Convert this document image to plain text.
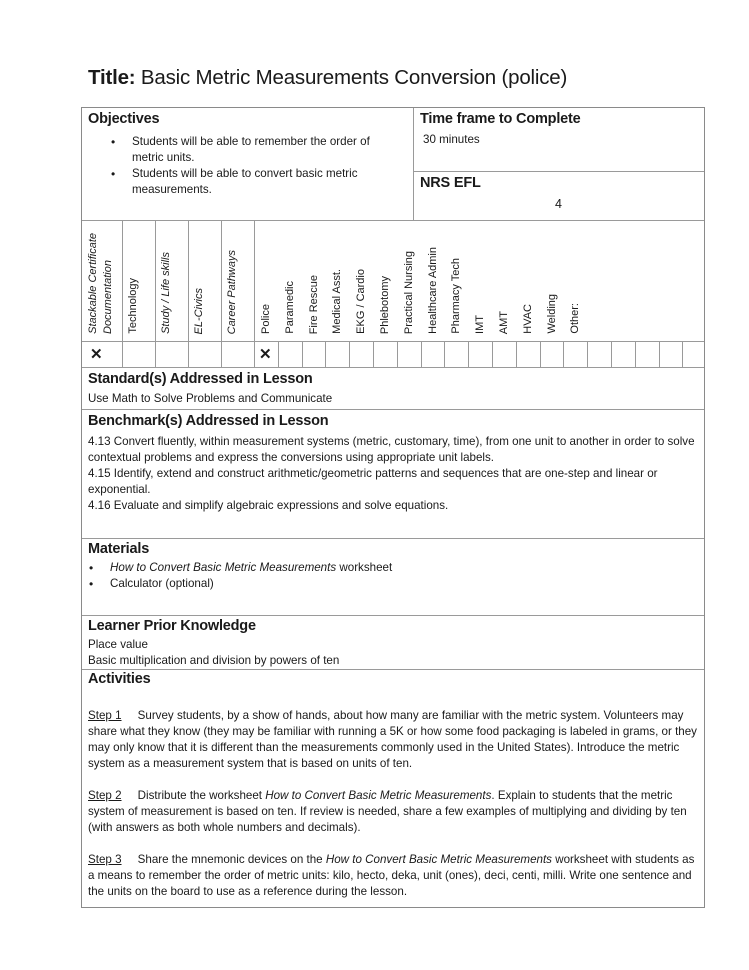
Title: Basic Metric Measurements Conversion (police)
Objectives
• Students will be able to remember the order of metric units.
• Students will be able to convert basic metric measurements.
Time frame to Complete
30 minutes
NRS EFL
4
Stackable Certificate Documentation Technology Study / Life skills EL-Civics Career Pathways Police Paramedic Fire Rescue Medical Asst. EKG / Cardio Phlebotomy Practical Nursing Healthcare Admin Pharmacy Tech IMT AMT HVAC Welding Other:
✕	✕
Standard(s) Addressed in Lesson
Use Math to Solve Problems and Communicate
Benchmark(s) Addressed in Lesson

4.13 Convert fluently, within measurement systems (metric, customary, time), from one unit to another in order to solve contextual problems and express the conversions using appropriate unit labels.

4.15 Identify, extend and construct arithmetic/geometric patterns and sequences that are one-step and linear or exponential.

4.16 Evaluate and simplify algebraic expressions and solve equations.

Materials
• How to Convert Basic Metric Measurements worksheet
• Calculator (optional)
Learner Prior Knowledge

Place value

Basic multiplication and division by powers of ten

Activities

Step 1 Survey students, by a show of hands, about how many are familiar with the metric system. Volunteers may share what they know (they may be familiar with running a 5K or how some food packaging is labeled in grams, or they may only know that it is different than the measurements commonly used in the United States). Introduce the metric system as a measurement system that is based on units of ten.

Step 2 Distribute the worksheet How to Convert Basic Metric Measurements. Explain to students that the metric system of measurement is based on ten. If review is needed, share a few examples of multiplying and dividing by ten (with answers as both whole numbers and decimals).

Step 3 Share the mnemonic devices on the How to Convert Basic Metric Measurements worksheet with students as a means to remember the order of metric units: kilo, hecto, deka, unit (ones), deci, centi, milli. Write one sentence and the units on the board to use as a reference during the lesson.
